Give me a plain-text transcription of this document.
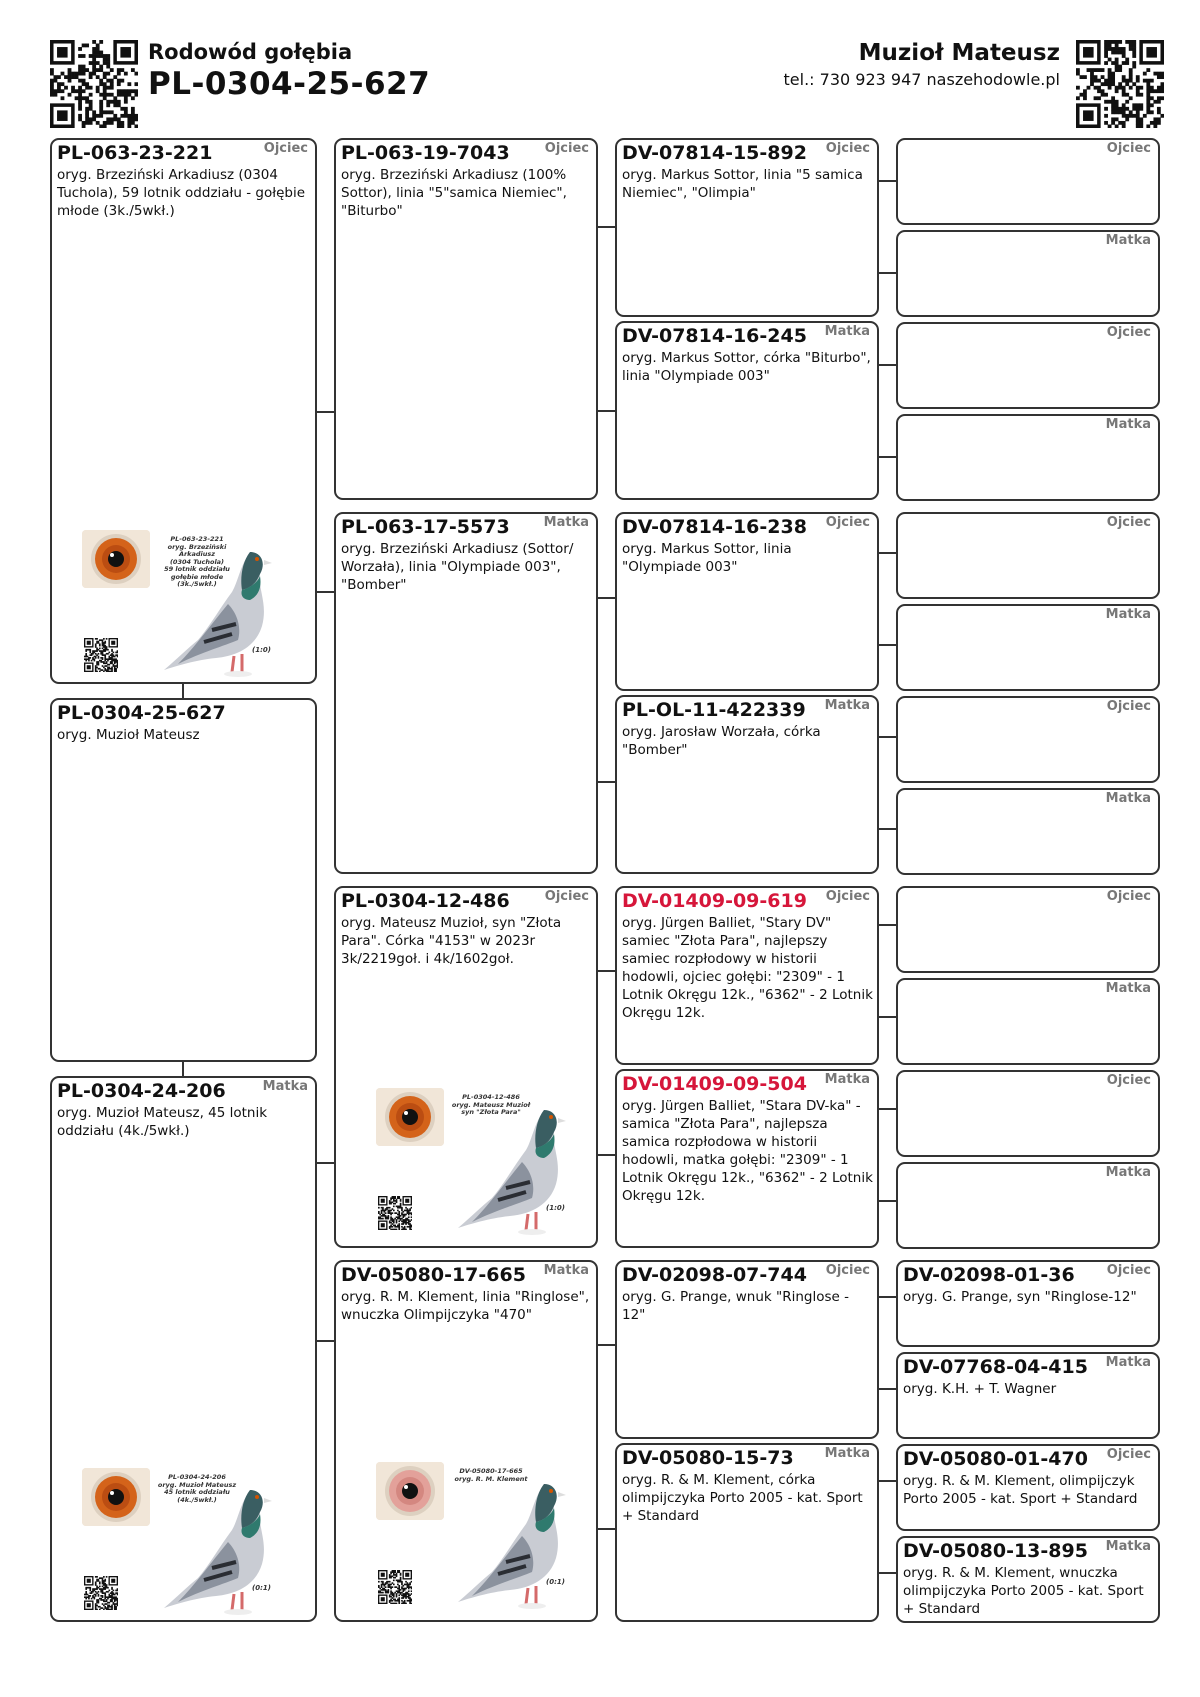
Rodowód gołębia
PL-0304-25-627
Muzioł Mateusz
tel.: 730 923 947 naszehodowle.pl
PL-063-23-221	Ojciec
oryg. Brzeziński Arkadiusz (0304 Tuchola), 59 lotnik oddziału - gołębie młode (3k./5wkł.)
PL-063-23-221
oryg. Brzeziński Arkadiusz
(0304 Tuchola)
59 lotnik oddziału
gołębie młode (3k./5wkł.)
(1:0)
PL-0304-25-627
oryg. Muzioł Mateusz
PL-0304-24-206	Matka
oryg. Muzioł Mateusz, 45 lotnik oddziału (4k./5wkł.)
PL-0304-24-206
oryg. Muzioł Mateusz
45 lotnik oddziału (4k./5wkł.)
(0:1)
PL-063-19-7043	Ojciec
oryg. Brzeziński Arkadiusz (100% Sottor), linia "5"samica Niemiec", "Biturbo"
PL-063-17-5573	Matka
oryg. Brzeziński Arkadiusz (Sottor/ Worzała), linia "Olympiade 003", "Bomber"
PL-0304-12-486	Ojciec
oryg. Mateusz Muzioł, syn "Złota Para". Córka "4153" w 2023r 3k/2219goł. i 4k/1602goł.
PL-0304-12-486
oryg. Mateusz Muzioł
syn "Złota Para"
(1:0)
DV-05080-17-665 Matka
oryg. R. M. Klement, linia "Ringlose", wnuczka Olimpijczyka "470"
DV-05080-17-665
oryg. R. M. Klement
(0:1)
DV-07814-15-892 Ojciec
oryg. Markus Sottor, linia "5 samica Niemiec", "Olimpia"
DV-07814-16-245 Matka
oryg. Markus Sottor, córka "Biturbo", linia "Olympiade 003"
DV-07814-16-238 Ojciec
oryg. Markus Sottor, linia "Olympiade 003"
PL-OL-11-422339 Matka
oryg. Jarosław Worzała, córka "Bomber"
DV-01409-09-619 Ojciec
oryg. Jürgen Balliet, "Stary DV" samiec "Złota Para", najlepszy samiec rozpłodowy w historii hodowli, ojciec gołębi: "2309" - 1 Lotnik Okręgu 12k., "6362" - 2 Lotnik Okręgu 12k.
DV-01409-09-504 Matka
oryg. Jürgen Balliet, "Stara DV-ka" - samica "Złota Para", najlepsza samica rozpłodowa w historii hodowli, matka gołębi: "2309" - 1 Lotnik Okręgu 12k., "6362" - 2 Lotnik Okręgu 12k.
DV-02098-07-744 Ojciec
oryg. G. Prange, wnuk "Ringlose - 12"
DV-05080-15-73 Matka
oryg. R. & M. Klement, córka olimpijczyka Porto 2005 - kat. Sport + Standard
Ojciec
Matka
Ojciec
Matka
Ojciec
Matka
Ojciec
Matka
Ojciec
Matka
Ojciec
Matka
DV-02098-01-36 Ojciec
oryg. G. Prange, syn "Ringlose-12"
DV-07768-04-415 Matka
oryg. K.H. + T. Wagner
DV-05080-01-470 Ojciec
oryg. R. & M. Klement, olimpijczyk Porto 2005 - kat. Sport + Standard
DV-05080-13-895 Matka
oryg. R. & M. Klement, wnuczka olimpijczyka Porto 2005 - kat. Sport + Standard
